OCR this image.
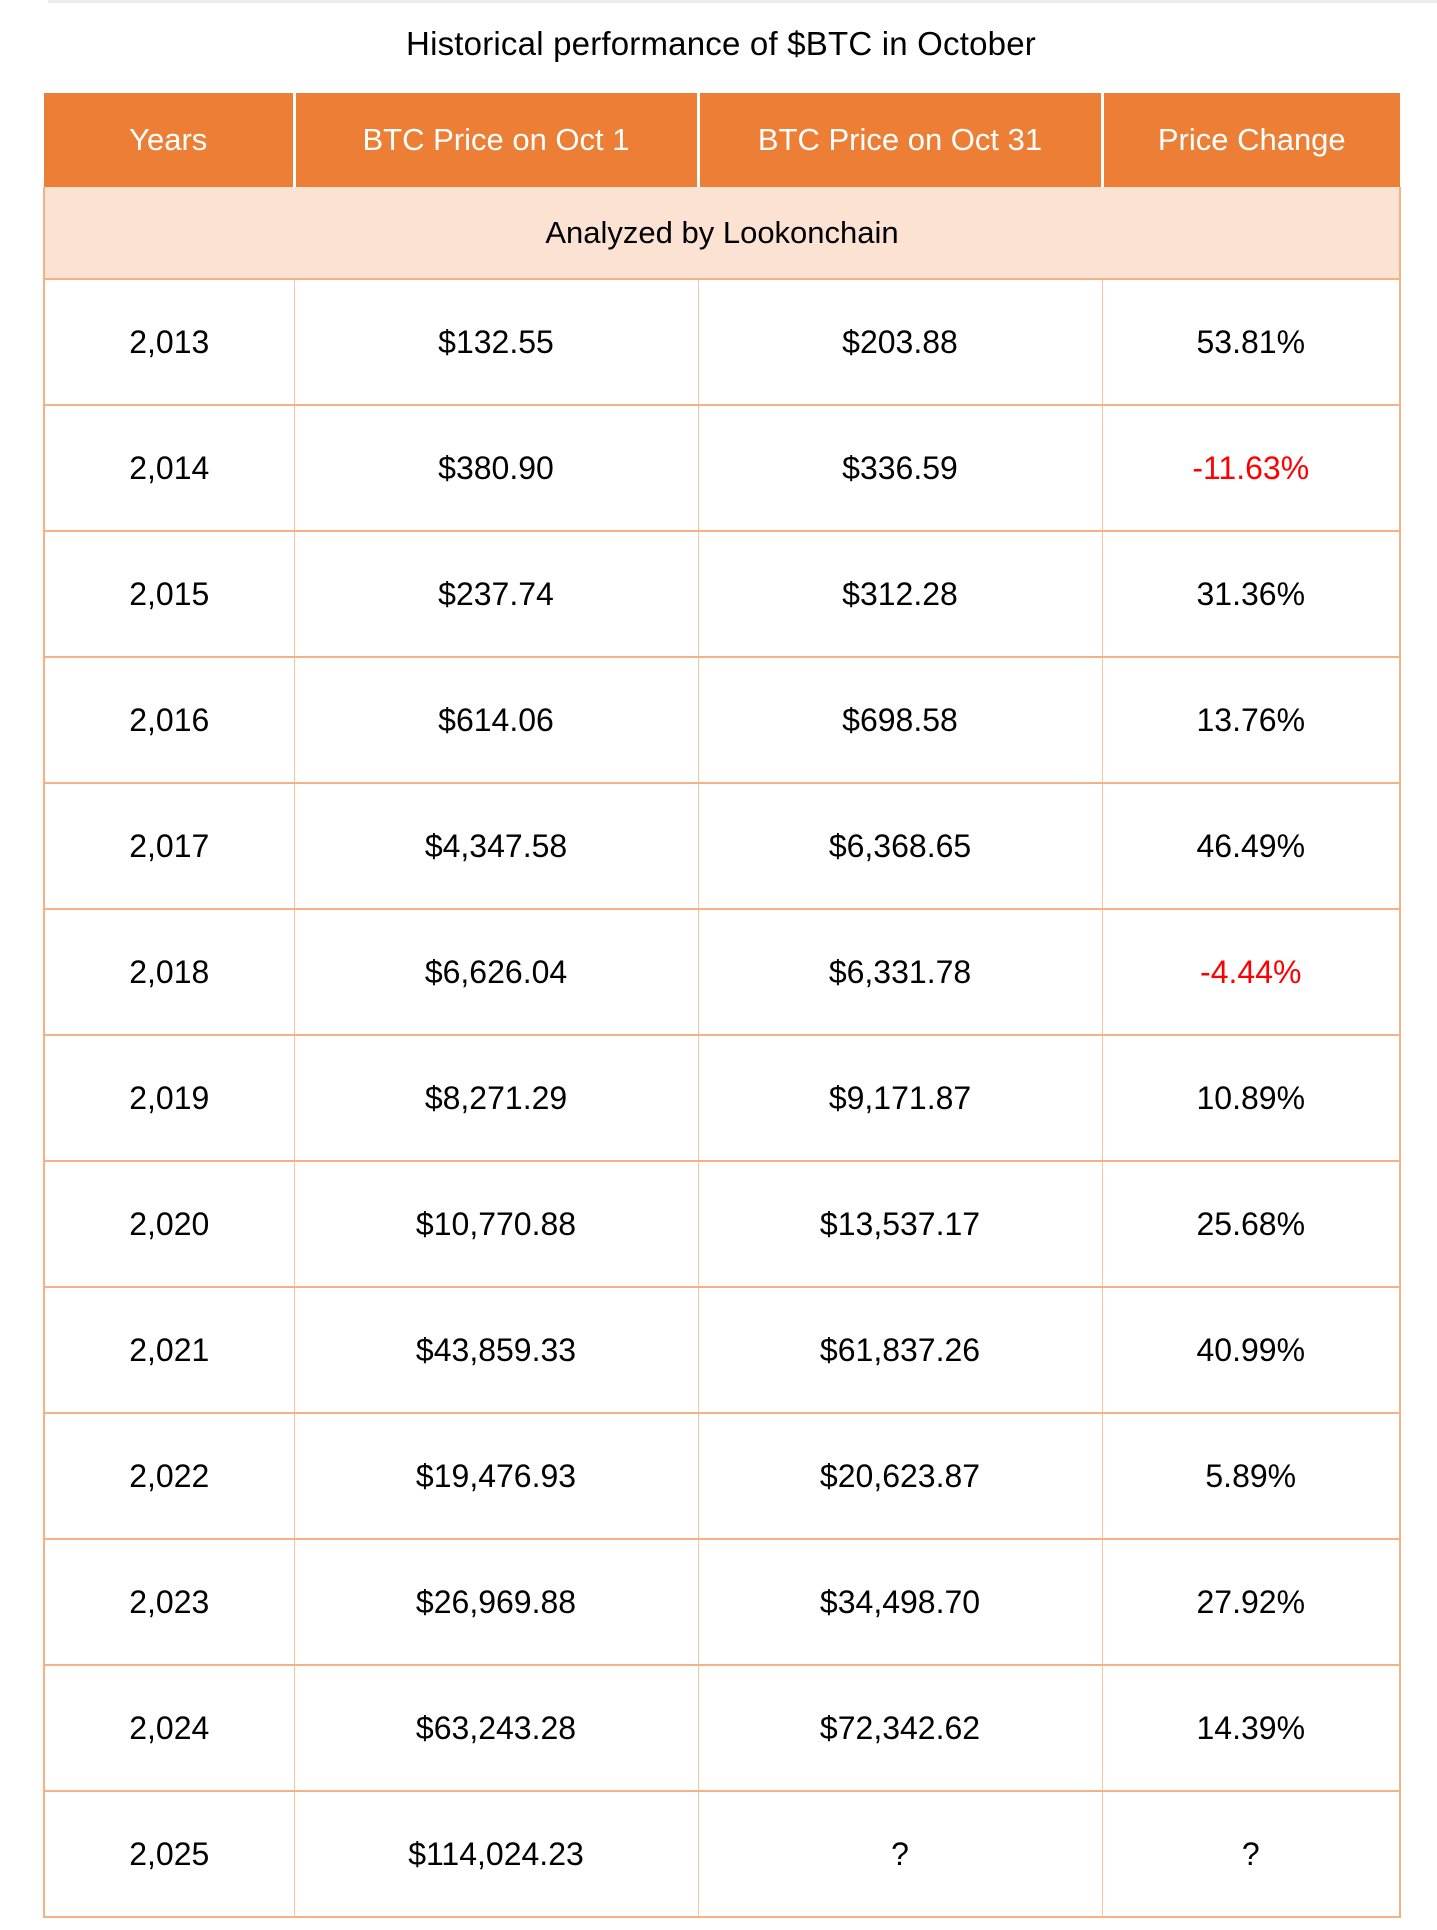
Historical performance of $BTC in October
Years	BTC Price on Oct 1	BTC Price on Oct 31	Price Change
Analyzed by Lookonchain			
2,013	$132.55	$203.88	53.81%
2,014	$380.90	$336.59	-11.63%
2,015	$237.74	$312.28	31.36%
2,016	$614.06	$698.58	13.76%
2,017	$4,347.58	$6,368.65	46.49%
2,018	$6,626.04	$6,331.78	-4.44%
2,019	$8,271.29	$9,171.87	10.89%
2,020	$10,770.88	$13,537.17	25.68%
2,021	$43,859.33	$61,837.26	40.99%
2,022	$19,476.93	$20,623.87	5.89%
2,023	$26,969.88	$34,498.70	27.92%
2,024	$63,243.28	$72,342.62	14.39%
2,025	$114,024.23	?	?
